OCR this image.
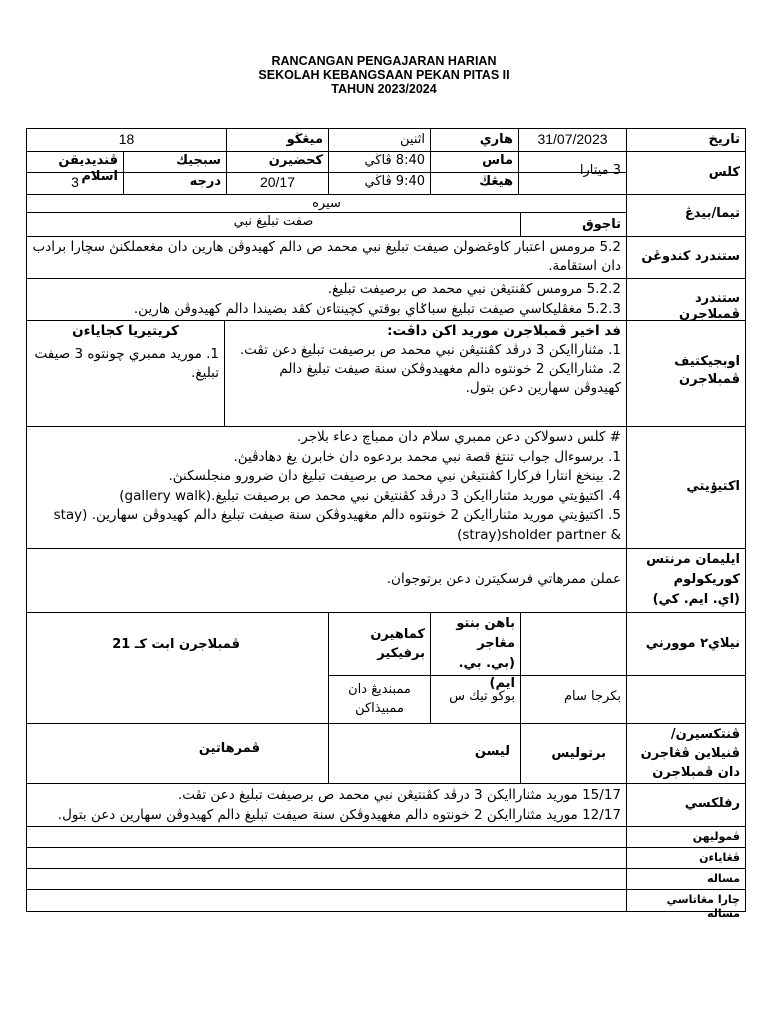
RANCANGAN PENGAJARAN HARIAN
SEKOLAH KEBANGSAAN PEKAN PITAS II
TAHUN 2023/2024
تاريخ
31/07/2023
هاري
اثنين
ميڠڬو
18
كلس
3 ميتارا
ماس
8:40 ڤاڬي
كحضيرن
سبجيك
ڤنديديقن اسلام	هيڠڬ
9:40 ڤاڬي
20/17
درجه
3
تيما/بيدڠ
سيره
تاجوق
صفت تبليغ نبي
ستندرد كندوڠن
5.2 مرومس اعتبار كاوغضولن صيفت تبليغ نبي محمد ص دالم كهيدوڤن هارين دان مغعملكنڽ سچارا برادب دان استقامة.
ستندرد ڤمبلاجرن
5.2.2 مرومس كڤنتيڠن نبي محمد ص برصيفت تبليغ.
5.2.3 مغڤليكاسي صيفت تبليغ سباݢاي بوقتي كچينتاءن كڤد بضيندا دالم كهيدوڤن هارين.
اوبجيكتيف
ڤمبلاجرن
فد اخير ڤمبلاجرن موريد اكن داڤت:
1. مثناراايكن 3 درڤد كڤنتيڠن نبي محمد ص برصيفت تبليغ دعن تڤت.
2. مثناراايكن 2 خونتوه دالم مغهيدوڤكن سنة صيفت تبليغ دالم كهيدوڤن سهارين دعن بتول.
كريتيريا كجاياءن
1. موريد ممبري چونتوه 3 صيفت تبليغ.
اكتيۏيتي
# كلس دسولاكن دعن ممبري سلام دان ممباچ دعاء بلاجر.
1. برسوءال جواب تنتغ قصة نبي محمد بردعوه دان خابرن يغ دهادڤيڽ.
2. بينخغ انتارا فركارا كڤنتيڠن نبي محمد ص برصيفت تبليغ دان ضرورو منجلسكنڽ.
4. اكتيۏيتي موريد مثناراايكن 3 درڤد كڤنتيڠن نبي محمد ص برصيفت تبليغ.(gallery walk)
5. اكتيۏيتي موريد مثناراايكن 2 خونتوه دالم مغهيدوڤكن سنة صيفت تبليغ دالم كهيدوڤن سهارين. (stay
& stray)sholder partner)
ايليمان مرنتس
كوريكولوم
(اي. ايم. كي)
عملن ممرهاتي فرسكيترن دعن برتوجوان.
نيلاي٢ موورني
بكرجا سام
باهن بنتو
مڠاجر
(بي. بي. ايم)
بوكو تيك س
كماهيرن
برفيكير
ممبنديڠ دان
ممبيذاكن
ڤمبلاجرن ابت كـ 21
ڤنتكسيرن/
ڤنيلاين ڤڠاجرن
دان ڤمبلاجرن
برتوليس
ليسن
ڤمرهاتين
رفلكسي
15/17 موريد مثناراايكن 3 درڤد كڤنتيڠن نبي محمد ص برصيفت تبليغ دعن تڤت.
12/17 موريد مثناراايكن 2 خونتوه دالم مغهيدوڤكن سنة صيفت تبليغ دالم كهيدوڤن سهارين دعن بتول.
ڤموليهن
ڤڠاياءن
مساله
چارا مڠاتاسي مساله
